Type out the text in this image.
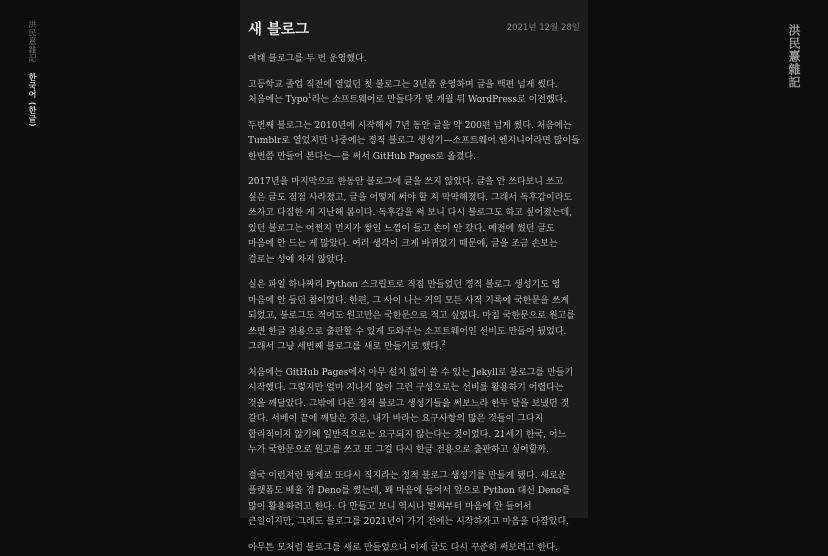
洪民憙雜記
한국어 (한글)
洪民憙雜記
새 블로그	2021년 12월 28일

여태 블로그를 두 번 운영했다.

고등학교 졸업 직전에 열었던 첫 블로그는 3년쯤 운영하며 글을 백편 넘게 썼다. 처음에는 Typo$^1$라는 소프트웨어로 만들다가 몇 개월 뒤 WordPress로 이전했다.

두번째 블로그는 2010년에 시작해서 7년 동안 글을 약 200편 넘게 썼다. 처음에는 Tumblr로 열었지만 나중에는 정적 블로그 생성기—소프트웨어 엔지니어라면 많이들 한번쯤 만들어 본다는—를 써서 GitHub Pages로 옮겼다.

2017년을 마지막으로 한동안 블로그에 글을 쓰지 않았다. 글을 안 쓰다보니 쓰고 싶은 글도 점점 사라졌고, 글을 어떻게 써야 할 지 막막해졌다. 그래서 독후감이라도 쓰자고 다짐한 게 지난해 봄이다. 독후감을 써 보니 다시 블로그도 하고 싶어졌는데, 있던 블로그는 어쩐지 먼지가 쌓인 느낌이 들고 손이 안 갔다. 예전에 썼던 글도 마음에 안 드는 게 많았다. 여러 생각이 크게 바뀌었기 때문에, 글을 조금 손보는 걸로는 성에 차지 않았다.

실은 파일 하나짜리 Python 스크립트로 직접 만들었던 정적 블로그 생성기도 영 마음에 안 들던 참이었다. 한편, 그 사이 나는 거의 모든 사적 기록에 국한문을 쓰게 되었고, 블로그도 적어도 원고만은 국한문으로 적고 싶었다. 마침 국한문으로 원고를 쓰면 한글 전용으로 출판할 수 있게 도와주는 소프트웨어인 선비도 만들어 뒀었다. 그래서 그냥 세번째 블로그를 새로 만들기로 했다.$^2$

처음에는 GitHub Pages에서 아무 설치 없이 쓸 수 있는 Jekyll로 블로그를 만들기 시작했다. 그렇지만 얼마 지나지 않아 그런 구성으로는 선비를 활용하기 어렵다는 것을 깨달았다. 그밖에 다른 정적 블로그 생성기들을 써보느라 한두 달을 보냈던 것 같다. 서베이 끝에 깨달은 것은, 내가 바라는 요구사항의 많은 것들이 그다지 합리적이지 않기에 일반적으로는 요구되지 않는다는 것이었다. 21세기 한국, 어느 누가 국한문으로 원고를 쓰고 또 그걸 다시 한글 전용으로 출판하고 싶어할까.

결국 이런저런 핑계로 또다시 직지라는 정적 블로그 생성기를 만들게 됐다. 새로운 플랫폼도 배울 겸 Deno를 썼는데, 꽤 마음에 들어서 앞으로 Python 대신 Deno를 많이 활용하려고 한다. 다 만들고 보니 역시나 벌써부터 마음에 안 들어서 큰일이지만, 그래도 블로그를 2021년이 가기 전에는 시작하자고 마음을 다잡았다.

아무튼 모처럼 블로그를 새로 만들었으니 이제 글도 다시 꾸준히 써보려고 한다.
